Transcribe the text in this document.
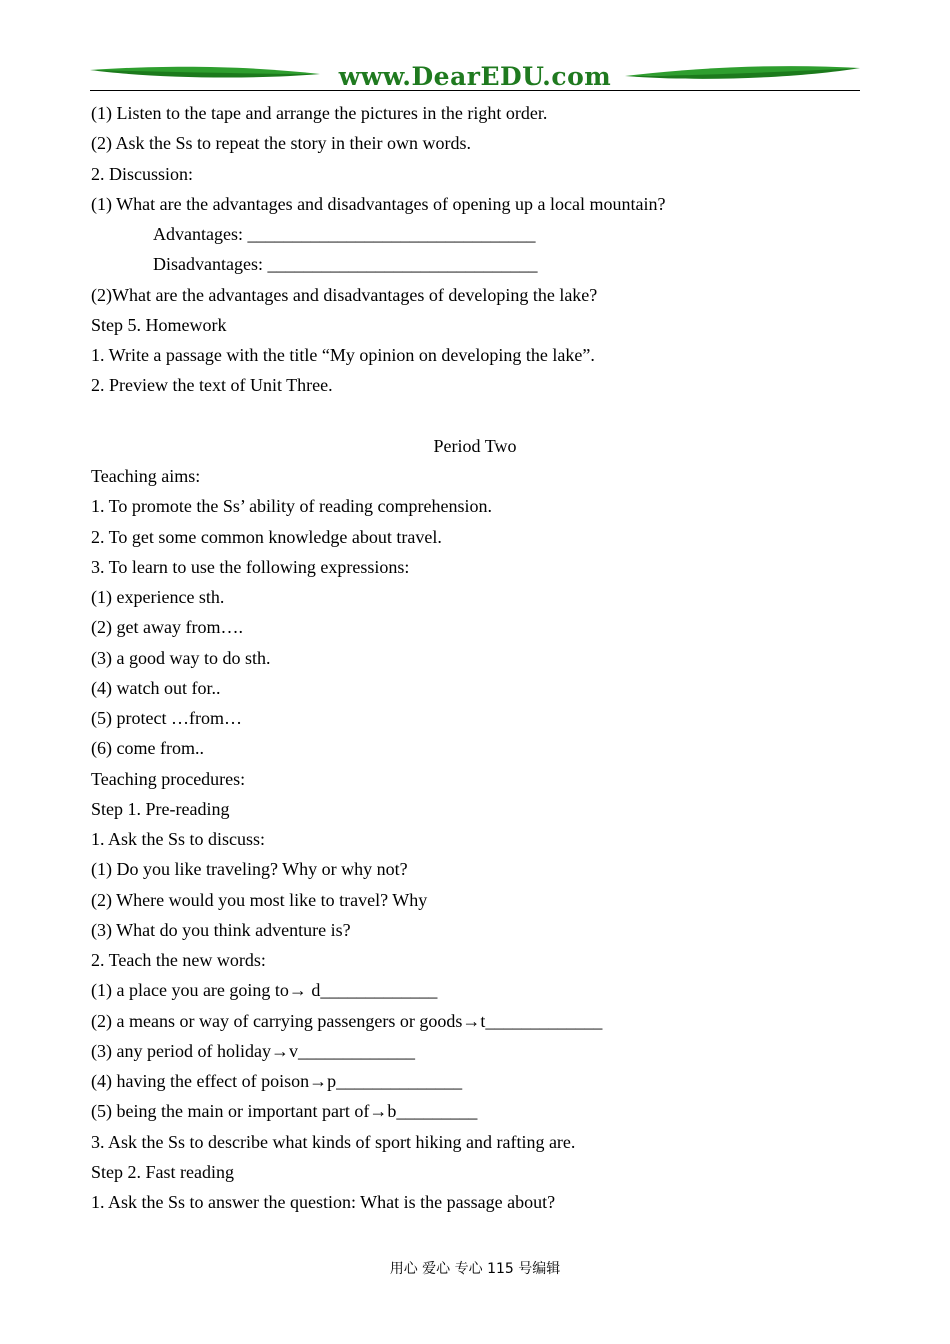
www.DearEDU.com
(1) Listen to the tape and arrange the pictures in the right order.
(2) Ask the Ss to repeat the story in their own words.
2. Discussion:
(1) What are the advantages and disadvantages of opening up a local mountain?
Advantages: ________________________________
Disadvantages: ______________________________
(2)What are the advantages and disadvantages of developing the lake?
Step 5. Homework
1. Write a passage with the title “My opinion on developing the lake”.
2. Preview the text of Unit Three.
Period Two
Teaching aims:
1. To promote the Ss’ ability of reading comprehension.
2. To get some common knowledge about travel.
3. To learn to use the following expressions:
(1) experience sth.
(2) get away from….
(3) a good way to do sth.
(4) watch out for..
(5) protect …from…
(6) come from..
Teaching procedures:
Step 1. Pre-reading
1. Ask the Ss to discuss:
(1) Do you like traveling? Why or why not?
(2) Where would you most like to travel? Why
(3) What do you think adventure is?
2. Teach the new words:
(1) a place you are going to→ d_____________
(2) a means or way of carrying passengers or goods→t_____________
(3) any period of holiday→v_____________
(4) having the effect of poison→p______________
(5) being the main or important part of→b_________
3. Ask the Ss to describe what kinds of sport hiking and rafting are.
Step 2. Fast reading
1. Ask the Ss to answer the question: What is the passage about?
用心 爱心 专心 115 号编辑
